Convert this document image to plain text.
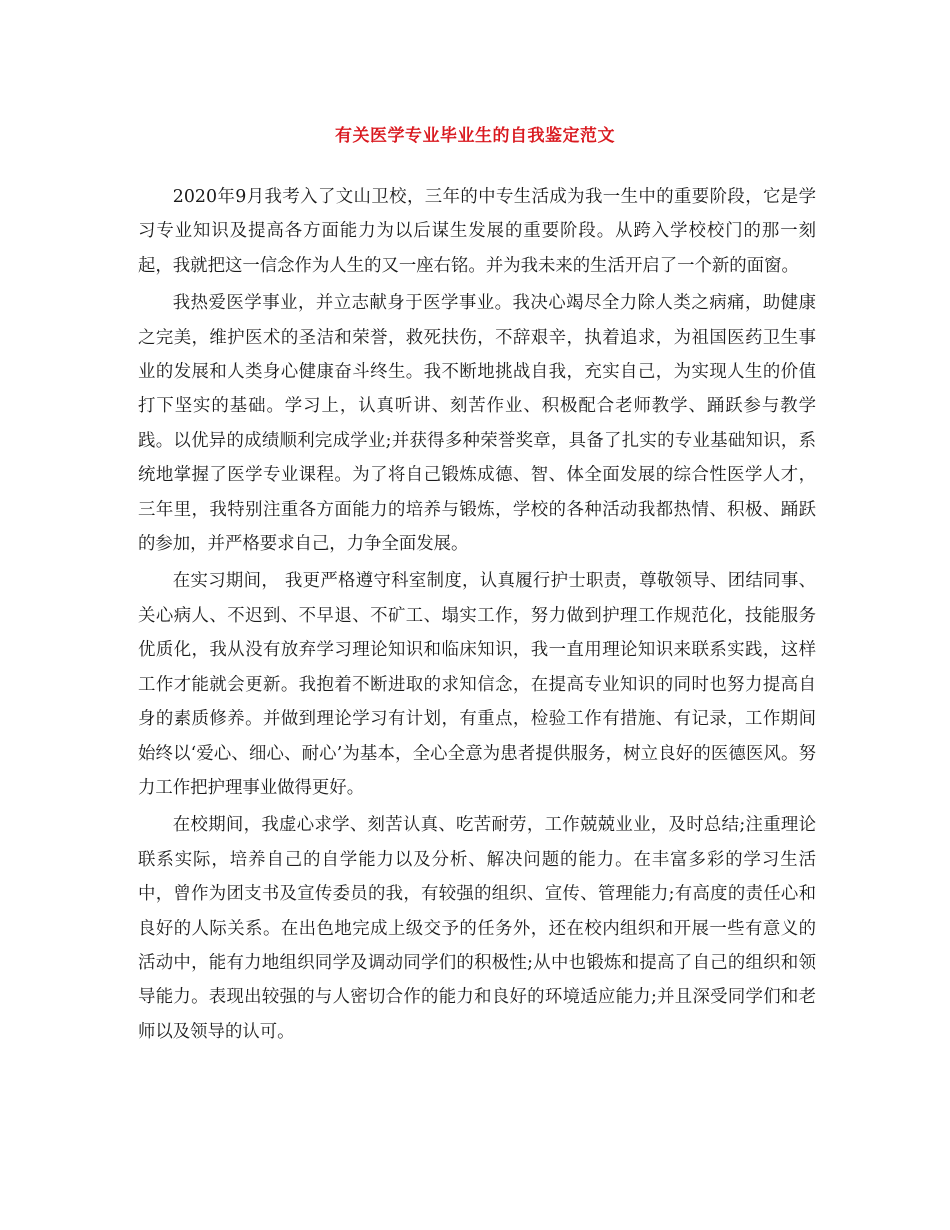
有关医学专业毕业生的自我鉴定范文

2020年9月我考入了文山卫校，三年的中专生活成为我一生中的重要阶段，它是学习专业知识及提高各方面能力为以后谋生发展的重要阶段。从跨入学校校门的那一刻起，我就把这一信念作为人生的又一座右铭。并为我未来的生活开启了一个新的面窗。

我热爱医学事业，并立志献身于医学事业。我决心竭尽全力除人类之病痛，助健康之完美，维护医术的圣洁和荣誉，救死扶伤，不辞艰辛，执着追求，为祖国医药卫生事业的发展和人类身心健康奋斗终生。我不断地挑战自我，充实自己，为实现人生的价值打下坚实的基础。学习上，认真听讲、刻苦作业、积极配合老师教学、踊跃参与教学践。以优异的成绩顺利完成学业;并获得多种荣誉奖章，具备了扎实的专业基础知识，系统地掌握了医学专业课程。为了将自己锻炼成德、智、体全面发展的综合性医学人才，三年里，我特别注重各方面能力的培养与锻炼，学校的各种活动我都热情、积极、踊跃的参加，并严格要求自己，力争全面发展。

在实习期间， 我更严格遵守科室制度，认真履行护士职责，尊敬领导、团结同事、关心病人、不迟到、不早退、不矿工、塌实工作，努力做到护理工作规范化，技能服务优质化，我从没有放弃学习理论知识和临床知识，我一直用理论知识来联系实践，这样工作才能就会更新。我抱着不断进取的求知信念，在提高专业知识的同时也努力提高自身的素质修养。并做到理论学习有计划，有重点，检验工作有措施、有记录，工作期间始终以‘爱心、细心、耐心’为基本，全心全意为患者提供服务，树立良好的医德医风。努力工作把护理事业做得更好。

在校期间，我虚心求学、刻苦认真、吃苦耐劳，工作兢兢业业，及时总结;注重理论联系实际，培养自己的自学能力以及分析、解决问题的能力。在丰富多彩的学习生活中，曾作为团支书及宣传委员的我，有较强的组织、宣传、管理能力;有高度的责任心和良好的人际关系。在出色地完成上级交予的任务外，还在校内组织和开展一些有意义的活动中，能有力地组织同学及调动同学们的积极性;从中也锻炼和提高了自己的组织和领导能力。表现出较强的与人密切合作的能力和良好的环境适应能力;并且深受同学们和老师以及领导的认可。
